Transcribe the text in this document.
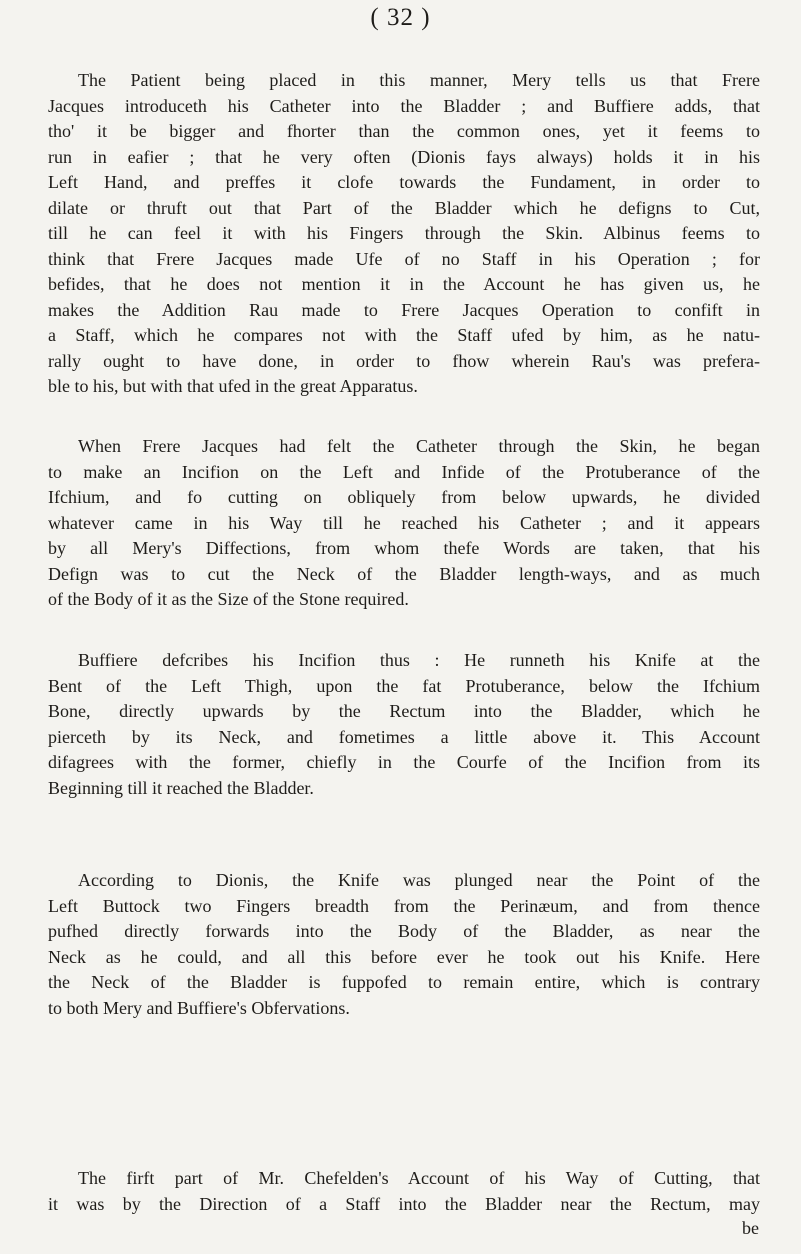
( 32 )

The Patient being placed in this manner, Mery tells us that Frere

Jacques introduceth his Catheter into the Bladder ; and Buffiere adds, that

tho' it be bigger and fhorter than the common ones, yet it feems to

run in eafier ; that he very often (Dionis fays always) holds it in his

Left Hand, and preffes it clofe towards the Fundament, in order to

dilate or thruft out that Part of the Bladder which he defigns to Cut,

till he can feel it with his Fingers through the Skin. Albinus feems to

think that Frere Jacques made Ufe of no Staff in his Operation ; for

befides, that he does not mention it in the Account he has given us, he

makes the Addition Rau made to Frere Jacques Operation to confift in

a Staff, which he compares not with the Staff ufed by him, as he natu-

rally ought to have done, in order to fhow wherein Rau's was prefera-

ble to his, but with that ufed in the great Apparatus.

When Frere Jacques had felt the Catheter through the Skin, he began

to make an Incifion on the Left and Infide of the Protuberance of the

Ifchium, and fo cutting on obliquely from below upwards, he divided

whatever came in his Way till he reached his Catheter ; and it appears

by all Mery's Diffections, from whom thefe Words are taken, that his

Defign was to cut the Neck of the Bladder length-ways, and as much

of the Body of it as the Size of the Stone required.

Buffiere defcribes his Incifion thus : He runneth his Knife at the

Bent of the Left Thigh, upon the fat Protuberance, below the Ifchium

Bone, directly upwards by the Rectum into the Bladder, which he

pierceth by its Neck, and fometimes a little above it. This Account

difagrees with the former, chiefly in the Courfe of the Incifion from its

Beginning till it reached the Bladder.

According to Dionis, the Knife was plunged near the Point of the

Left Buttock two Fingers breadth from the Perinæum, and from thence

pufhed directly forwards into the Body of the Bladder, as near the

Neck as he could, and all this before ever he took out his Knife. Here

the Neck of the Bladder is fuppofed to remain entire, which is contrary

to both Mery and Buffiere's Obfervations.

The firft part of Mr. Chefelden's Account of his Way of Cutting, that

it was by the Direction of a Staff into the Bladder near the Rectum, may

be
